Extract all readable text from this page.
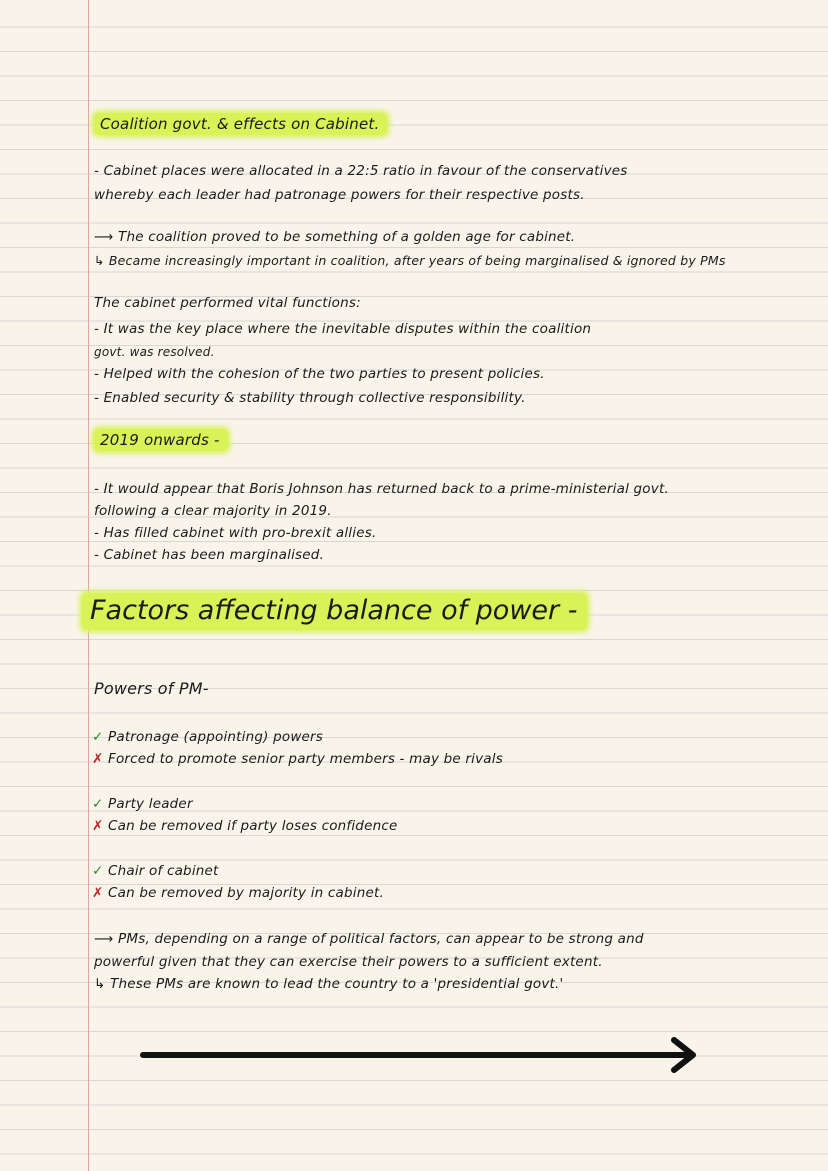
Coalition govt. & effects on Cabinet.
- Cabinet places were allocated in a 22:5 ratio in favour of the conservatives
whereby each leader had patronage powers for their respective posts.
⟶ The coalition proved to be something of a golden age for cabinet.
↳ Became increasingly important in coalition, after years of being marginalised & ignored by PMs
The cabinet performed vital functions:
- It was the key place where the inevitable disputes within the coalition
govt. was resolved.
- Helped with the cohesion of the two parties to present policies.
- Enabled security & stability through collective responsibility.
2019 onwards -
- It would appear that Boris Johnson has returned back to a prime-ministerial govt.
following a clear majority in 2019.
- Has filled cabinet with pro-brexit allies.
- Cabinet has been marginalised.
Factors affecting balance of power -
Powers of PM-
✓ Patronage (appointing) powers
✗ Forced to promote senior party members - may be rivals
✓ Party leader
✗ Can be removed if party loses confidence
✓ Chair of cabinet
✗ Can be removed by majority in cabinet.
⟶ PMs, depending on a range of political factors, can appear to be strong and
powerful given that they can exercise their powers to a sufficient extent.
↳ These PMs are known to lead the country to a 'presidential govt.'
